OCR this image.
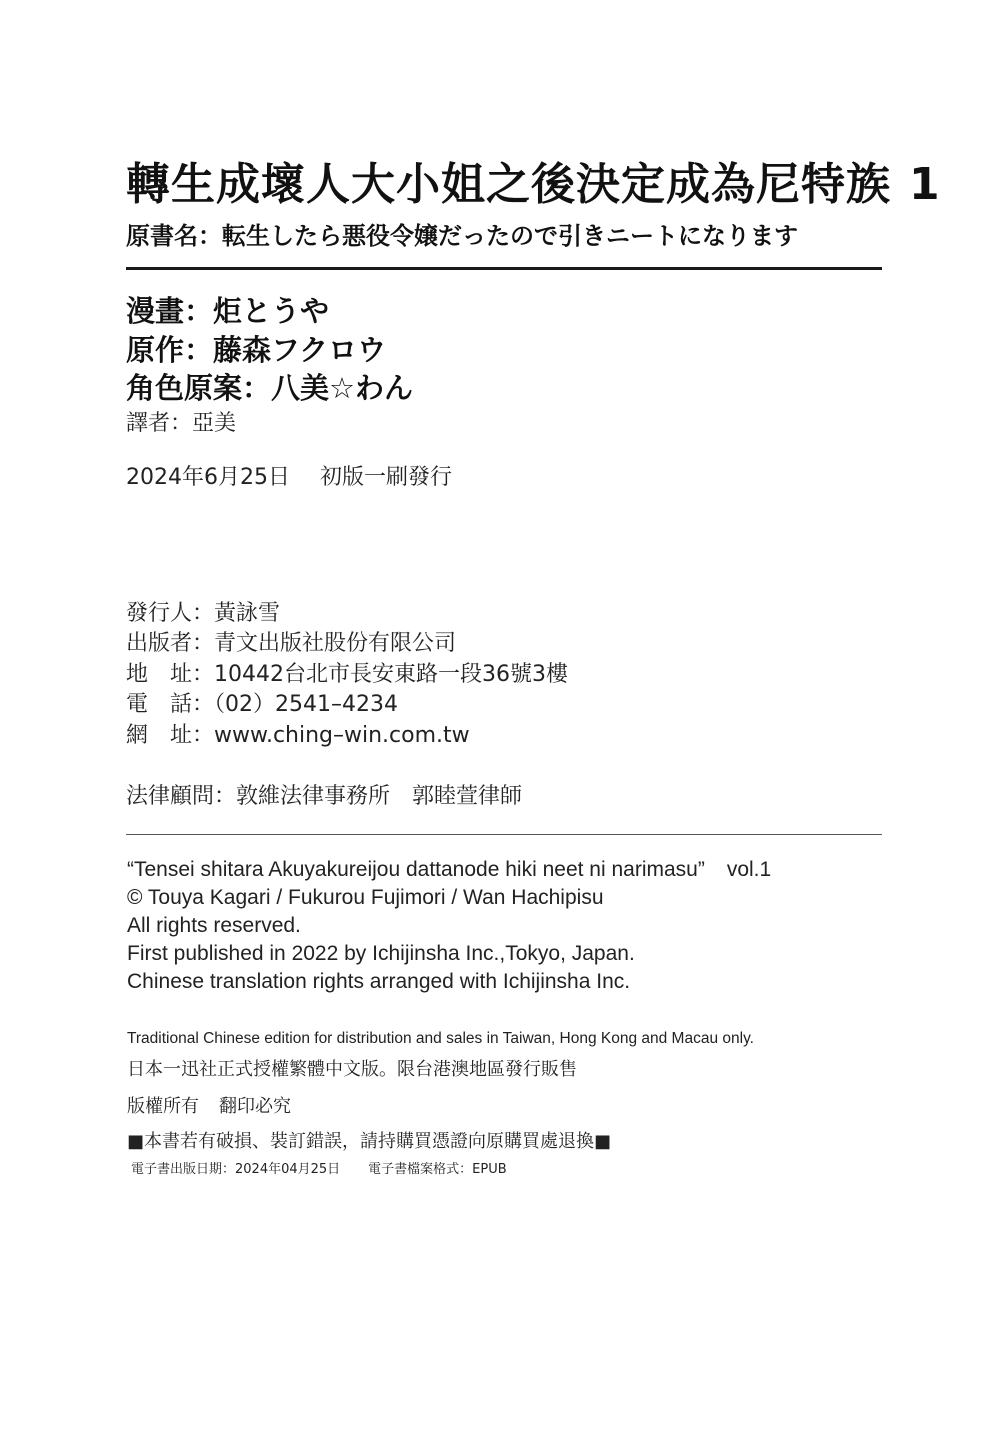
轉生成壞人大小姐之後決定成為尼特族 1
原書名：転生したら悪役令嬢だったので引きニートになります
漫畫：炬とうや
原作：藤森フクロウ
角色原案：八美☆わん
譯者：亞美
2024年6月25日 初版一刷發行
發行人：黃詠雪
出版者：青文出版社股份有限公司
地　址：10442台北市長安東路一段36號3樓
電　話：（02）2541–4234
網　址：www.ching–win.com.tw
法律顧問：敦維法律事務所　郭睦萱律師
“Tensei shitara Akuyakureijou dattanode hiki neet ni narimasu” vol.1
© Touya Kagari / Fukurou Fujimori / Wan Hachipisu
All rights reserved.
First published in 2022 by Ichijinsha Inc.,Tokyo, Japan.
Chinese translation rights arranged with Ichijinsha Inc.
Traditional Chinese edition for distribution and sales in Taiwan, Hong Kong and Macau only.
日本一迅社正式授權繁體中文版。限台港澳地區發行販售
版權所有 翻印必究
■本書若有破損、裝訂錯誤，請持購買憑證向原購買處退換■
電子書出版日期：2024年04月25日 電子書檔案格式：EPUB
